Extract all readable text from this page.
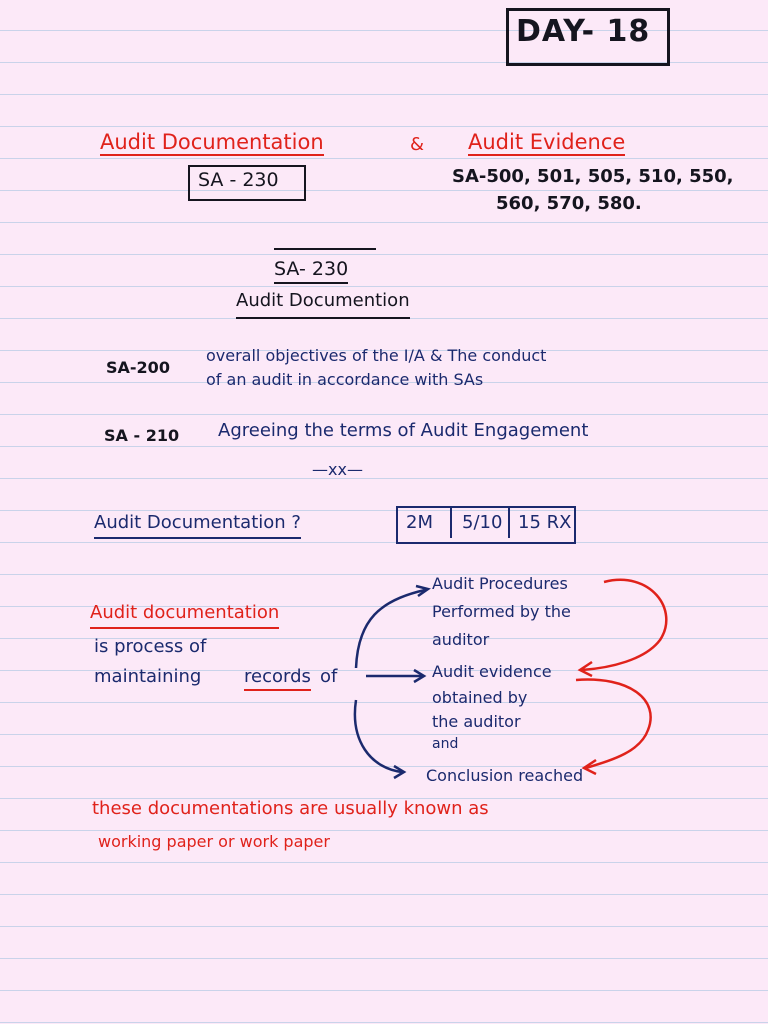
DAY- 18
Audit Documentation	& Audit Evidence
SA - 230	SA-500, 501, 505, 510, 550,
560, 570, 580.
SA- 230
Audit Documention
SA-200
overall objectives of the I/A & The conduct
of an audit in accordance with SAs
SA - 210 Agreeing the terms of Audit Engagement
—xx—
Audit Documentation ?	2M 5/10 15 RX
Audit documentation
is process of
maintaining records of
Audit Procedures
Performed by the
auditor
Audit evidence
obtained by
the auditor
and
Conclusion reached
these documentations are usually known as
working paper or work paper
